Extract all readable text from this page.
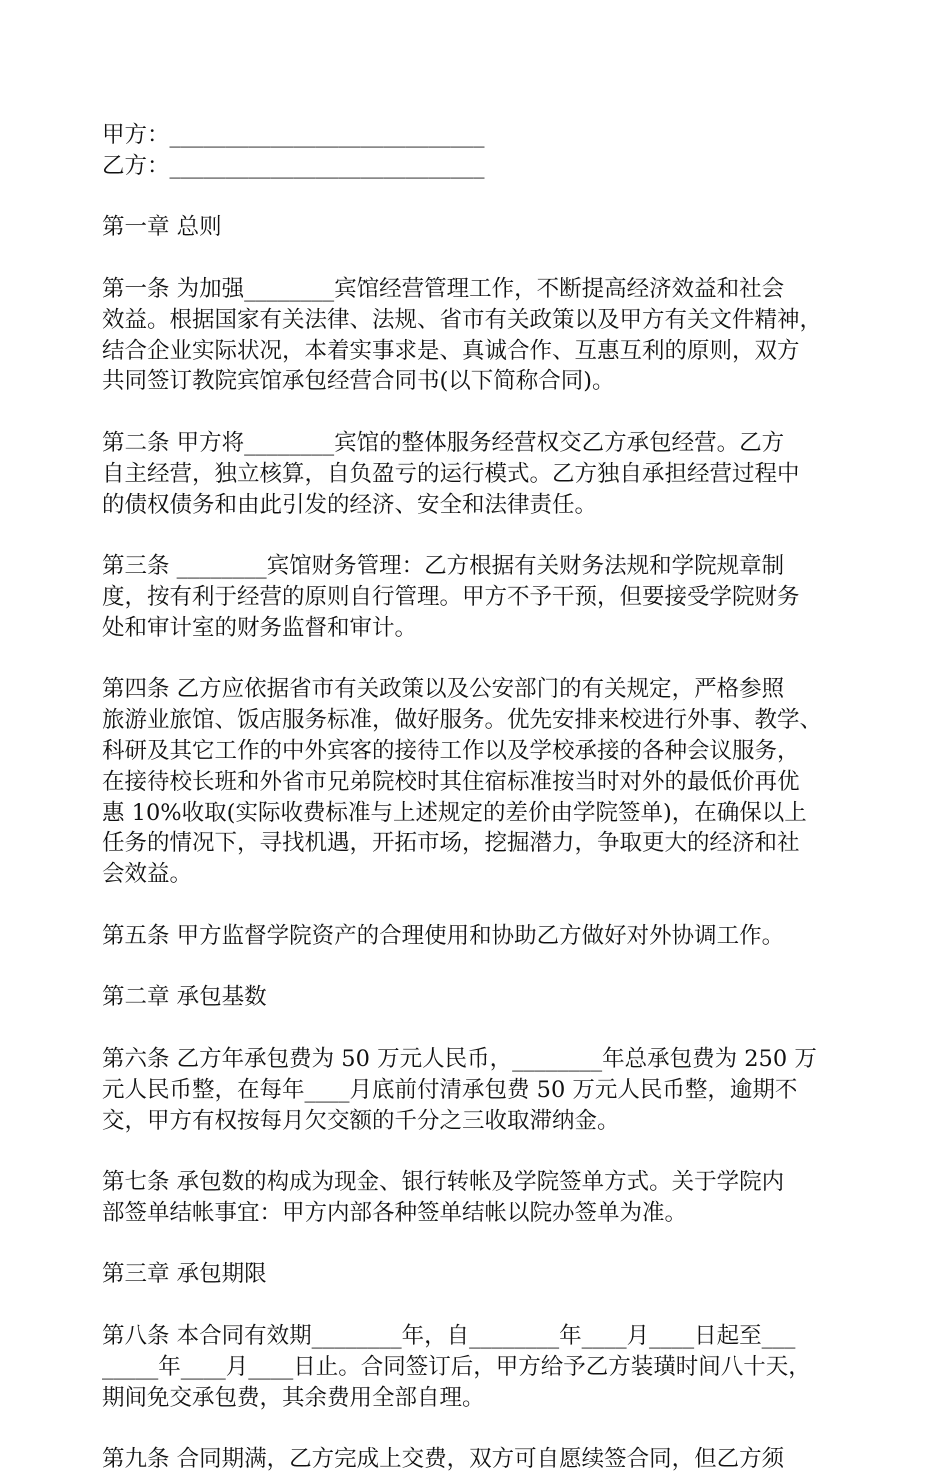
甲方：____________________________
乙方：____________________________
第一章 总则

第一条 为加强________宾馆经营管理工作，不断提高经济效益和社会
效益。根据国家有关法律、法规、省市有关政策以及甲方有关文件精神，
结合企业实际状况，本着实事求是、真诚合作、互惠互利的原则，双方
共同签订教院宾馆承包经营合同书(以下简称合同)。

第二条 甲方将________宾馆的整体服务经营权交乙方承包经营。乙方
自主经营，独立核算，自负盈亏的运行模式。乙方独自承担经营过程中
的债权债务和由此引发的经济、安全和法律责任。

第三条 ________宾馆财务管理：乙方根据有关财务法规和学院规章制
度，按有利于经营的原则自行管理。甲方不予干预，但要接受学院财务
处和审计室的财务监督和审计。

第四条 乙方应依据省市有关政策以及公安部门的有关规定，严格参照
旅游业旅馆、饭店服务标准，做好服务。优先安排来校进行外事、教学、
科研及其它工作的中外宾客的接待工作以及学校承接的各种会议服务，
在接待校长班和外省市兄弟院校时其住宿标准按当时对外的最低价再优
惠 10%收取(实际收费标准与上述规定的差价由学院签单)，在确保以上
任务的情况下，寻找机遇，开拓市场，挖掘潜力，争取更大的经济和社
会效益。

第五条 甲方监督学院资产的合理使用和协助乙方做好对外协调工作。

第二章 承包基数

第六条 乙方年承包费为 50 万元人民币，________年总承包费为 250 万
元人民币整，在每年____月底前付清承包费 50 万元人民币整，逾期不
交，甲方有权按每月欠交额的千分之三收取滞纳金。

第七条 承包数的构成为现金、银行转帐及学院签单方式。关于学院内
部签单结帐事宜：甲方内部各种签单结帐以院办签单为准。

第三章 承包期限

第八条 本合同有效期________年，自________年____月____日起至___
_____年____月____日止。合同签订后，甲方给予乙方装璜时间八十天，
期间免交承包费，其余费用全部自理。

第九条 合同期满，乙方完成上交费，双方可自愿续签合同，但乙方须
